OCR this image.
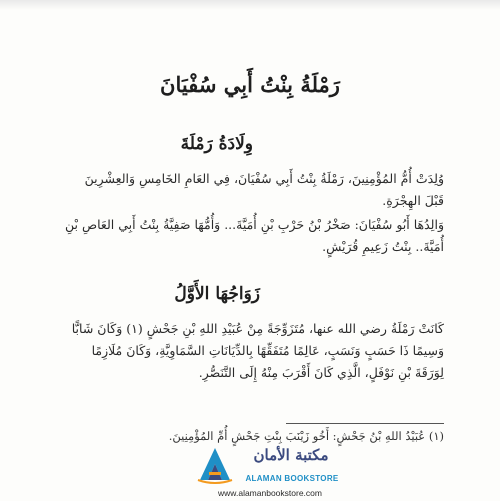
رَمْلَةُ بِنْتُ أَبِي سُفْيَانَ
وِلَادَةُ رَمْلَةَ
وُلِدَتْ أُمُّ المُؤْمِنِينَ، رَمْلَةُ بِنْتُ أَبِي سُفْيَانَ، فِي العَامِ الخَامِسِ وَالعِشْرِينَ قَبْلَ الهِجْرَةِ.
وَالِدُهَا أَبُو سُفْيَانَ: صَخْرُ بْنُ حَرْبِ بْنِ أُمَيَّةَ... وَأُمُّهَا صَفِيَّةُ بِنْتُ أَبِي العَاصِ بْنِ أُمَيَّةَ.. بِنْتُ زَعِيمِ قُرَيْشٍ.
زَوَاجُهَا الأَوَّلُ
كَانَتْ رَمْلَةُ رضي الله عنها، مُتَزَوِّجَةً مِنْ عُبَيْدِ اللهِ بْنِ جَحْشٍ (١) وَكَانَ شَابًّا وَسِيمًا ذَا حَسَبٍ وَنَسَبٍ، عَالِمًا مُتَفَقِّهًا بِالدِّيَانَاتِ السَّمَاوِيَّةِ، وَكَانَ مُلَازِمًا لِوَرَقَةَ بْنِ نَوْفَلٍ، الَّذِي كَانَ أَقْرَبَ مِنْهُ إِلَى التَّنَصُّرِ.
(١) عُبَيْدُ اللهِ بْنُ جَحْشٍ: أَخُو زَيْنَبَ بِنْتِ جَحْشٍ أُمِّ المُؤْمِنِينَ.
مكتبة الأمان
ALAMAN BOOKSTORE
www.alamanbookstore.com
